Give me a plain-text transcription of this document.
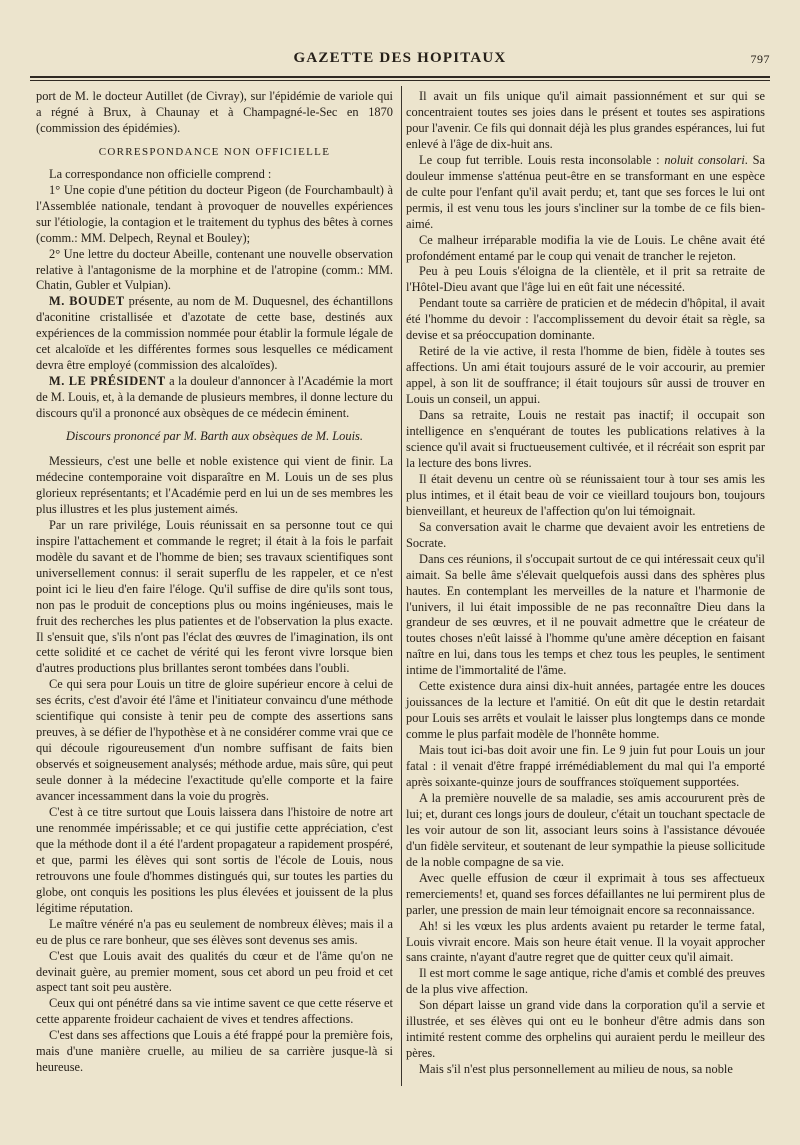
GAZETTE DES HOPITAUX	797

port de M. le docteur Autillet (de Civray), sur l'épidémie de variole qui a régné à Brux, à Chaunay et à Champagné-le-Sec en 1870 (commission des épidémies).

CORRESPONDANCE NON OFFICIELLE

La correspondance non officielle comprend :

1° Une copie d'une pétition du docteur Pigeon (de Fourchambault) à l'Assemblée nationale, tendant à provoquer de nouvelles expériences sur l'étiologie, la contagion et le traitement du typhus des bêtes à cornes (comm.: MM. Delpech, Reynal et Bouley);

2° Une lettre du docteur Abeille, contenant une nouvelle observation relative à l'antagonisme de la morphine et de l'atropine (comm.: MM. Chatin, Gubler et Vulpian).

M. BOUDET présente, au nom de M. Duquesnel, des échantillons d'aconitine cristallisée et d'azotate de cette base, destinés aux expériences de la commission nommée pour établir la formule légale de cet alcaloïde et les différentes formes sous lesquelles ce médicament devra être employé (commission des alcaloïdes).

M. LE PRÉSIDENT a la douleur d'annoncer à l'Académie la mort de M. Louis, et, à la demande de plusieurs membres, il donne lecture du discours qu'il a prononcé aux obsèques de ce médecin éminent.

Discours prononcé par M. Barth aux obsèques de M. Louis.

Messieurs, c'est une belle et noble existence qui vient de finir. La médecine contemporaine voit disparaître en M. Louis un de ses plus glorieux représentants; et l'Académie perd en lui un de ses membres les plus illustres et les plus justement aimés.

Par un rare privilége, Louis réunissait en sa personne tout ce qui inspire l'attachement et commande le regret; il était à la fois le parfait modèle du savant et de l'homme de bien; ses travaux scientifiques sont universellement connus: il serait superflu de les rappeler, et ce n'est point ici le lieu d'en faire l'éloge. Qu'il suffise de dire qu'ils sont tous, non pas le produit de conceptions plus ou moins ingénieuses, mais le fruit des recherches les plus patientes et de l'observation la plus exacte. Il s'ensuit que, s'ils n'ont pas l'éclat des œuvres de l'imagination, ils ont cette solidité et ce cachet de vérité qui les feront vivre lorsque bien d'autres productions plus brillantes seront tombées dans l'oubli.

Ce qui sera pour Louis un titre de gloire supérieur encore à celui de ses écrits, c'est d'avoir été l'âme et l'initiateur convaincu d'une méthode scientifique qui consiste à tenir peu de compte des assertions sans preuves, à se défier de l'hypothèse et à ne considérer comme vrai que ce qui découle rigoureusement d'un nombre suffisant de faits bien observés et soigneusement analysés; méthode ardue, mais sûre, qui peut seule donner à la médecine l'exactitude qu'elle comporte et la faire avancer incessamment dans la voie du progrès.

C'est à ce titre surtout que Louis laissera dans l'histoire de notre art une renommée impérissable; et ce qui justifie cette appréciation, c'est que la méthode dont il a été l'ardent propagateur a rapidement prospéré, et que, parmi les élèves qui sont sortis de l'école de Louis, nous retrouvons une foule d'hommes distingués qui, sur toutes les parties du globe, ont conquis les positions les plus élevées et jouissent de la plus légitime réputation.

Le maître vénéré n'a pas eu seulement de nombreux élèves; mais il a eu de plus ce rare bonheur, que ses élèves sont devenus ses amis.

C'est que Louis avait des qualités du cœur et de l'âme qu'on ne devinait guère, au premier moment, sous cet abord un peu froid et cet aspect tant soit peu austère.

Ceux qui ont pénétré dans sa vie intime savent ce que cette réserve et cette apparente froideur cachaient de vives et tendres affections.

C'est dans ses affections que Louis a été frappé pour la première fois, mais d'une manière cruelle, au milieu de sa carrière jusque-là si heureuse.

Il avait un fils unique qu'il aimait passionnément et sur qui se concentraient toutes ses joies dans le présent et toutes ses aspirations pour l'avenir. Ce fils qui donnait déjà les plus grandes espérances, lui fut enlevé à l'âge de dix-huit ans.

Le coup fut terrible. Louis resta inconsolable : noluit consolari. Sa douleur immense s'atténua peut-être en se transformant en une espèce de culte pour l'enfant qu'il avait perdu; et, tant que ses forces le lui ont permis, il est venu tous les jours s'incliner sur la tombe de ce fils bien-aimé.

Ce malheur irréparable modifia la vie de Louis. Le chêne avait été profondément entamé par le coup qui venait de trancher le rejeton.

Peu à peu Louis s'éloigna de la clientèle, et il prit sa retraite de l'Hôtel-Dieu avant que l'âge lui en eût fait une nécessité.

Pendant toute sa carrière de praticien et de médecin d'hôpital, il avait été l'homme du devoir : l'accomplissement du devoir était sa règle, sa devise et sa préoccupation dominante.

Retiré de la vie active, il resta l'homme de bien, fidèle à toutes ses affections. Un ami était toujours assuré de le voir accourir, au premier appel, à son lit de souffrance; il était toujours sûr aussi de trouver en Louis un conseil, un appui.

Dans sa retraite, Louis ne restait pas inactif; il occupait son intelligence en s'enquérant de toutes les publications relatives à la science qu'il avait si fructueusement cultivée, et il récréait son esprit par la lecture des bons livres.

Il était devenu un centre où se réunissaient tour à tour ses amis les plus intimes, et il était beau de voir ce vieillard toujours bon, toujours bienveillant, et heureux de l'affection qu'on lui témoignait.

Sa conversation avait le charme que devaient avoir les entretiens de Socrate.

Dans ces réunions, il s'occupait surtout de ce qui intéressait ceux qu'il aimait. Sa belle âme s'élevait quelquefois aussi dans des sphères plus hautes. En contemplant les merveilles de la nature et l'harmonie de l'univers, il lui était impossible de ne pas reconnaître Dieu dans la grandeur de ses œuvres, et il ne pouvait admettre que le créateur de toutes choses n'eût laissé à l'homme qu'une amère déception en faisant naître en lui, dans tous les temps et chez tous les peuples, le sentiment intime de l'immortalité de l'âme.

Cette existence dura ainsi dix-huit années, partagée entre les douces jouissances de la lecture et l'amitié. On eût dit que le destin retardait pour Louis ses arrêts et voulait le laisser plus longtemps dans ce monde comme le plus parfait modèle de l'honnête homme.

Mais tout ici-bas doit avoir une fin. Le 9 juin fut pour Louis un jour fatal : il venait d'être frappé irrémédiablement du mal qui l'a emporté après soixante-quinze jours de souffrances stoïquement supportées.

A la première nouvelle de sa maladie, ses amis accoururent près de lui; et, durant ces longs jours de douleur, c'était un touchant spectacle de les voir autour de son lit, associant leurs soins à l'assistance dévouée d'un fidèle serviteur, et soutenant de leur sympathie la pieuse sollicitude de la noble compagne de sa vie.

Avec quelle effusion de cœur il exprimait à tous ses affectueux remerciements! et, quand ses forces défaillantes ne lui permirent plus de parler, une pression de main leur témoignait encore sa reconnaissance.

Ah! si les vœux les plus ardents avaient pu retarder le terme fatal, Louis vivrait encore. Mais son heure était venue. Il la voyait approcher sans crainte, n'ayant d'autre regret que de quitter ceux qu'il aimait.

Il est mort comme le sage antique, riche d'amis et comblé des preuves de la plus vive affection.

Son départ laisse un grand vide dans la corporation qu'il a servie et illustrée, et ses élèves qui ont eu le bonheur d'être admis dans son intimité restent comme des orphelins qui auraient perdu le meilleur des pères.

Mais s'il n'est plus personnellement au milieu de nous, sa noble
